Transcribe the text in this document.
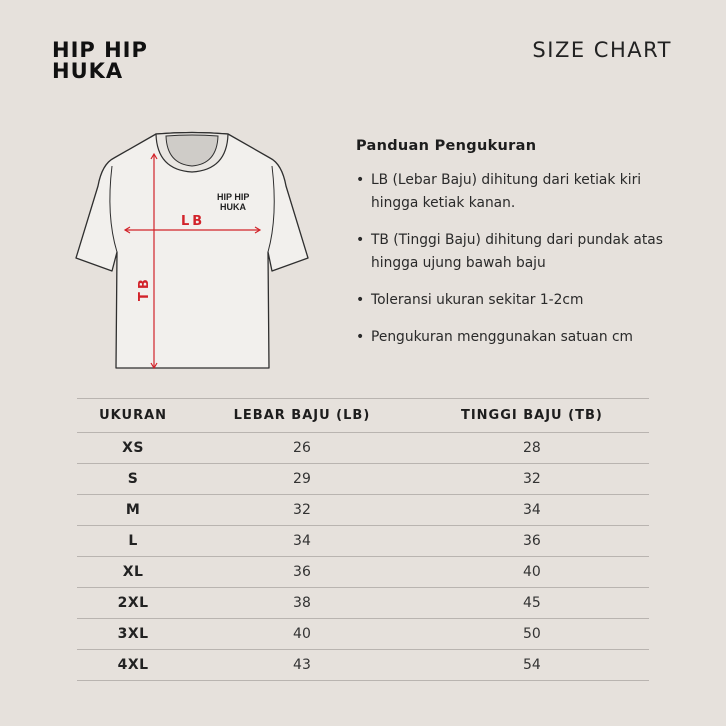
HIP HIP
HUKA
SIZE CHART
HIP HIP
HUKA
LB
TB
Panduan Pengukuran
• LB (Lebar Baju) dihitung dari ketiak kiri hingga ketiak kanan.
• TB (Tinggi Baju) dihitung dari pundak atas hingga ujung bawah baju
• Toleransi ukuran sekitar 1-2cm
• Pengukuran menggunakan satuan cm
UKURAN	LEBAR BAJU (LB)	TINGGI BAJU (TB)
XS	26	28
S	29	32
M	32	34
L	34	36
XL	36	40
2XL	38	45
3XL	40	50
4XL	43	54
